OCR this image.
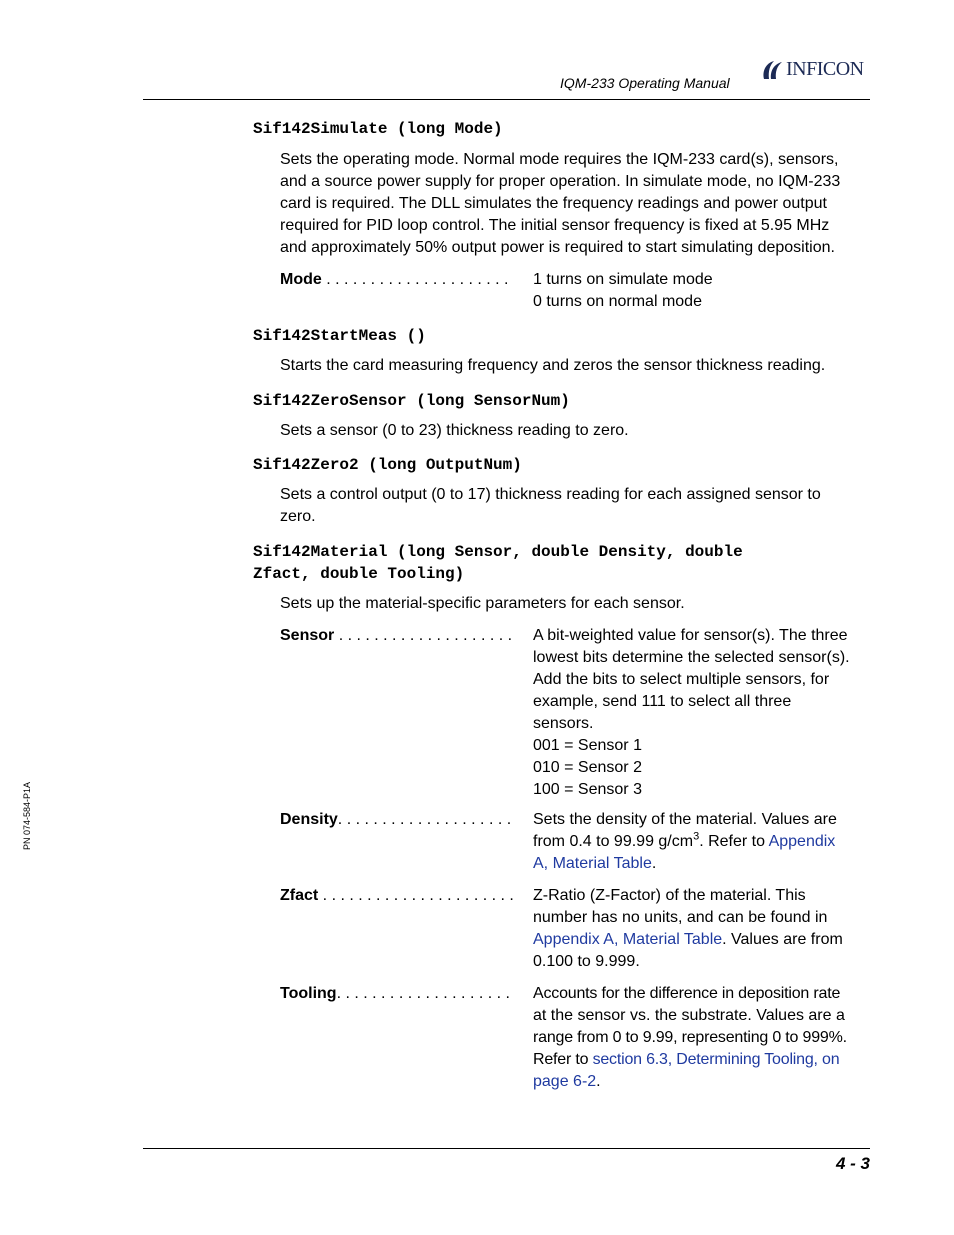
IQM-233 Operating Manual
INFICON
PN 074-584-P1A
Sif142Simulate (long Mode)

Sets the operating mode. Normal mode requires the IQM-233 card(s), sensors,

and a source power supply for proper operation. In simulate mode, no IQM-233

card is required. The DLL simulates the frequency readings and power output

required for PID loop control. The initial sensor frequency is fixed at 5.95 MHz

and approximately 50% output power is required to start simulating deposition.

Mode . . . . . . . . . . . . . . . . . . . . .	1 turns on simulate mode
0 turns on normal mode
Sif142StartMeas ()

Starts the card measuring frequency and zeros the sensor thickness reading.

Sif142ZeroSensor (long SensorNum)

Sets a sensor (0 to 23) thickness reading to zero.

Sif142Zero2 (long OutputNum)

Sets a control output (0 to 17) thickness reading for each assigned sensor to

zero.

Sif142Material (long Sensor, double Density, double
Zfact, double Tooling)

Sets up the material-specific parameters for each sensor.

Sensor . . . . . . . . . . . . . . . . . . . .	A bit-weighted value for sensor(s). The three
lowest bits determine the selected sensor(s).
Add the bits to select multiple sensors, for
example, send 111 to select all three
sensors.
001 = Sensor 1
010 = Sensor 2
100 = Sensor 3
Density. . . . . . . . . . . . . . . . . . . .	Sets the density of the material. Values are
from 0.4 to 99.99 $g/cm^3$. Refer to Appendix
A, Material Table.
Zfact . . . . . . . . . . . . . . . . . . . . . .	Z-Ratio (Z-Factor) of the material. This
number has no units, and can be found in
Appendix A, Material Table. Values are from
0.100 to 9.999.
Tooling. . . . . . . . . . . . . . . . . . . .	Accounts for the difference in deposition rate
at the sensor vs. the substrate. Values are a
range from 0 to 9.99, representing 0 to 999%.
Refer to section 6.3, Determining Tooling, on
page 6-2.
4 - 3
